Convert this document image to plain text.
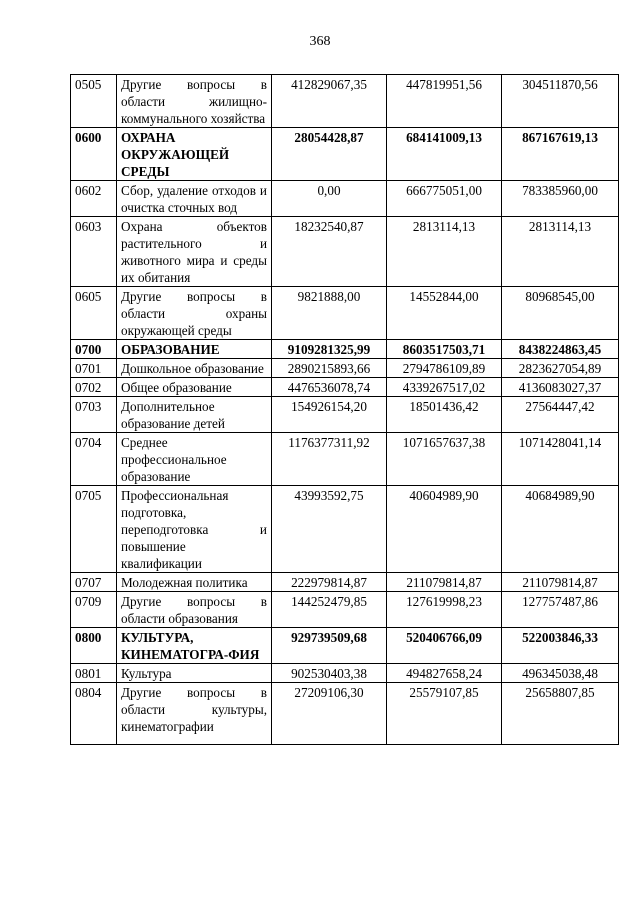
368
0505	Другие вопросы в области жилищно-коммунального хозяйства	412829067,35	447819951,56	304511870,56
0600	ОХРАНА ОКРУЖАЮЩЕЙ СРЕДЫ	28054428,87	684141009,13	867167619,13
0602	Сбор, удаление отходов и очистка сточных вод	0,00	666775051,00	783385960,00
0603	Охрана объектов растительного и животного мира и среды их обитания	18232540,87	2813114,13	2813114,13
0605	Другие вопросы в области охраны окружающей среды	9821888,00	14552844,00	80968545,00
0700	ОБРАЗОВАНИЕ	9109281325,99	8603517503,71	8438224863,45
0701	Дошкольное образование	2890215893,66	2794786109,89	2823627054,89
0702	Общее образование	4476536078,74	4339267517,02	4136083027,37
0703	Дополнительное образование детей	154926154,20	18501436,42	27564447,42
0704	Среднее профессиональное образование	1176377311,92	1071657637,38	1071428041,14
0705	Профессиональная подготовка, переподготовка и повышение квалификации	43993592,75	40604989,90	40684989,90
0707	Молодежная политика	222979814,87	211079814,87	211079814,87
0709	Другие вопросы в области образования	144252479,85	127619998,23	127757487,86
0800	КУЛЬТУРА, КИНЕМАТОГРА-ФИЯ	929739509,68	520406766,09	522003846,33
0801	Культура	902530403,38	494827658,24	496345038,48
0804	Другие вопросы в области культуры, кинематографии	27209106,30	25579107,85	25658807,85
